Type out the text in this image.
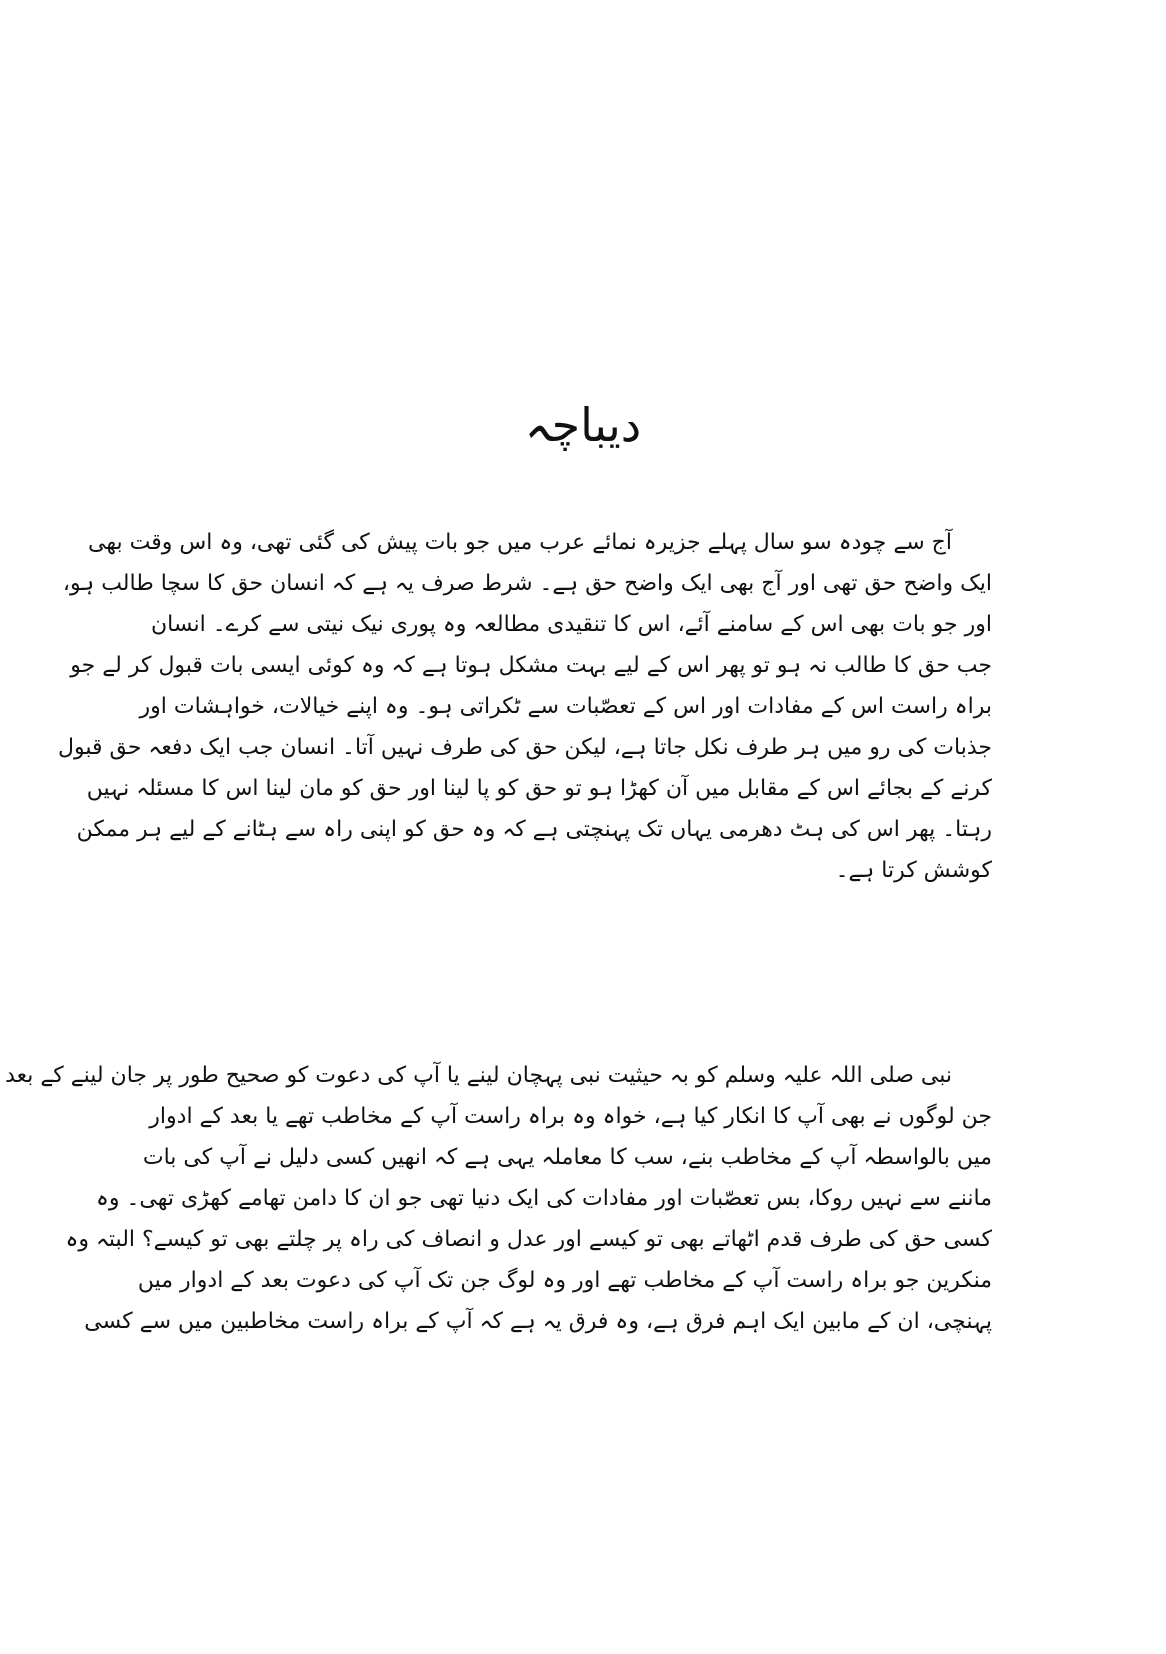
دیباچہ
آج سے چودہ سو سال پہلے جزیرہ نمائے عرب میں جو بات پیش کی گئی تھی، وہ اس وقت بھی
ایک واضح حق تھی اور آج بھی ایک واضح حق ہے۔ شرط صرف یہ ہے کہ انسان حق کا سچا طالب ہو،
اور جو بات بھی اس کے سامنے آئے، اس کا تنقیدی مطالعہ وہ پوری نیک نیتی سے کرے۔ انسان
جب حق کا طالب نہ ہو تو پھر اس کے لیے بہت مشکل ہوتا ہے کہ وہ کوئی ایسی بات قبول کر لے جو
براہ راست اس کے مفادات اور اس کے تعصّبات سے ٹکراتی ہو۔ وہ اپنے خیالات، خواہشات اور
جذبات کی رو میں ہر طرف نکل جاتا ہے، لیکن حق کی طرف نہیں آتا۔ انسان جب ایک دفعہ حق قبول
کرنے کے بجائے اس کے مقابل میں آن کھڑا ہو تو حق کو پا لینا اور حق کو مان لینا اس کا مسئلہ نہیں
رہتا۔ پھر اس کی ہٹ دھرمی یہاں تک پہنچتی ہے کہ وہ حق کو اپنی راہ سے ہٹانے کے لیے ہر ممکن
کوشش کرتا ہے۔
نبی صلی اللہ علیہ وسلم کو بہ حیثیت نبی پہچان لینے یا آپ کی دعوت کو صحیح طور پر جان لینے کے بعد
جن لوگوں نے بھی آپ کا انکار کیا ہے، خواہ وہ براہ راست آپ کے مخاطب تھے یا بعد کے ادوار
میں بالواسطہ آپ کے مخاطب بنے، سب کا معاملہ یہی ہے کہ انھیں کسی دلیل نے آپ کی بات
ماننے سے نہیں روکا، بس تعصّبات اور مفادات کی ایک دنیا تھی جو ان کا دامن تھامے کھڑی تھی۔ وہ
کسی حق کی طرف قدم اٹھاتے بھی تو کیسے اور عدل و انصاف کی راہ پر چلتے بھی تو کیسے؟ البتہ وہ
منکرین جو براہ راست آپ کے مخاطب تھے اور وہ لوگ جن تک آپ کی دعوت بعد کے ادوار میں
پہنچی، ان کے مابین ایک اہم فرق ہے، وہ فرق یہ ہے کہ آپ کے براہ راست مخاطبین میں سے کسی
